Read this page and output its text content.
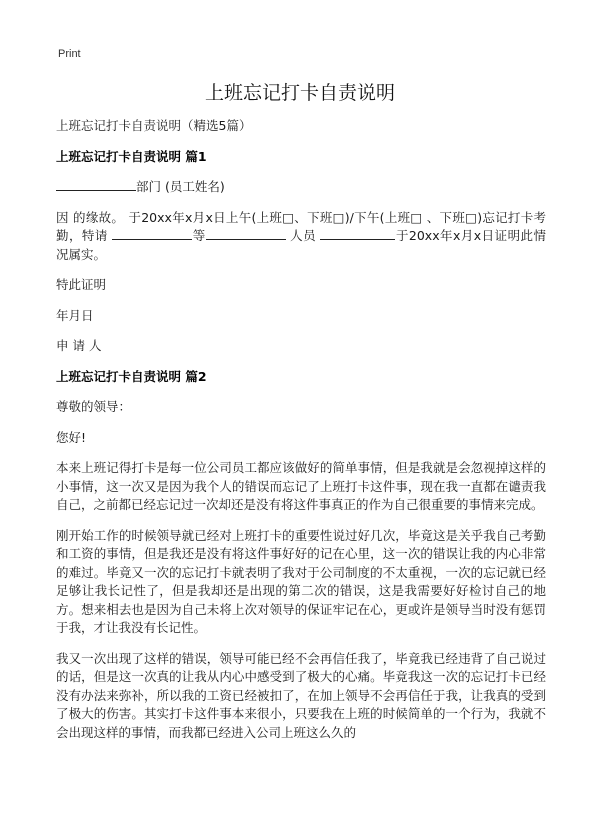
Print
上班忘记打卡自责说明

上班忘记打卡自责说明（精选5篇）

上班忘记打卡自责说明 篇1

部门 (员工姓名)

因 的缘故。 于20xx年x月x日上午(上班□、下班□)/下午(上班□ 、下班□)忘记打卡考勤，特请	等	人员	于20xx年x月x日证明此情况属实。

特此证明

年月日

申 请 人

上班忘记打卡自责说明 篇2

尊敬的领导：

您好!

本来上班记得打卡是每一位公司员工都应该做好的简单事情，但是我就是会忽视掉这样的小事情，这一次又是因为我个人的错误而忘记了上班打卡这件事，现在我一直都在谴责我自己，之前都已经忘记过一次却还是没有将这件事真正的作为自己很重要的事情来完成。

刚开始工作的时候领导就已经对上班打卡的重要性说过好几次，毕竟这是关乎我自己考勤和工资的事情，但是我还是没有将这件事好好的记在心里，这一次的错误让我的内心非常的难过。毕竟又一次的忘记打卡就表明了我对于公司制度的不太重视，一次的忘记就已经足够让我长记性了，但是我却还是出现的第二次的错误，这是我需要好好检讨自己的地方。想来相去也是因为自己未将上次对领导的保证牢记在心，更或许是领导当时没有惩罚于我，才让我没有长记性。

我又一次出现了这样的错误，领导可能已经不会再信任我了，毕竟我已经违背了自己说过的话，但是这一次真的让我从内心中感受到了极大的心痛。毕竟我这一次的忘记打卡已经没有办法来弥补，所以我的工资已经被扣了，在加上领导不会再信任于我，让我真的受到了极大的伤害。其实打卡这件事本来很小，只要我在上班的时候简单的一个行为，我就不会出现这样的事情，而我都已经进入公司上班这么久的
